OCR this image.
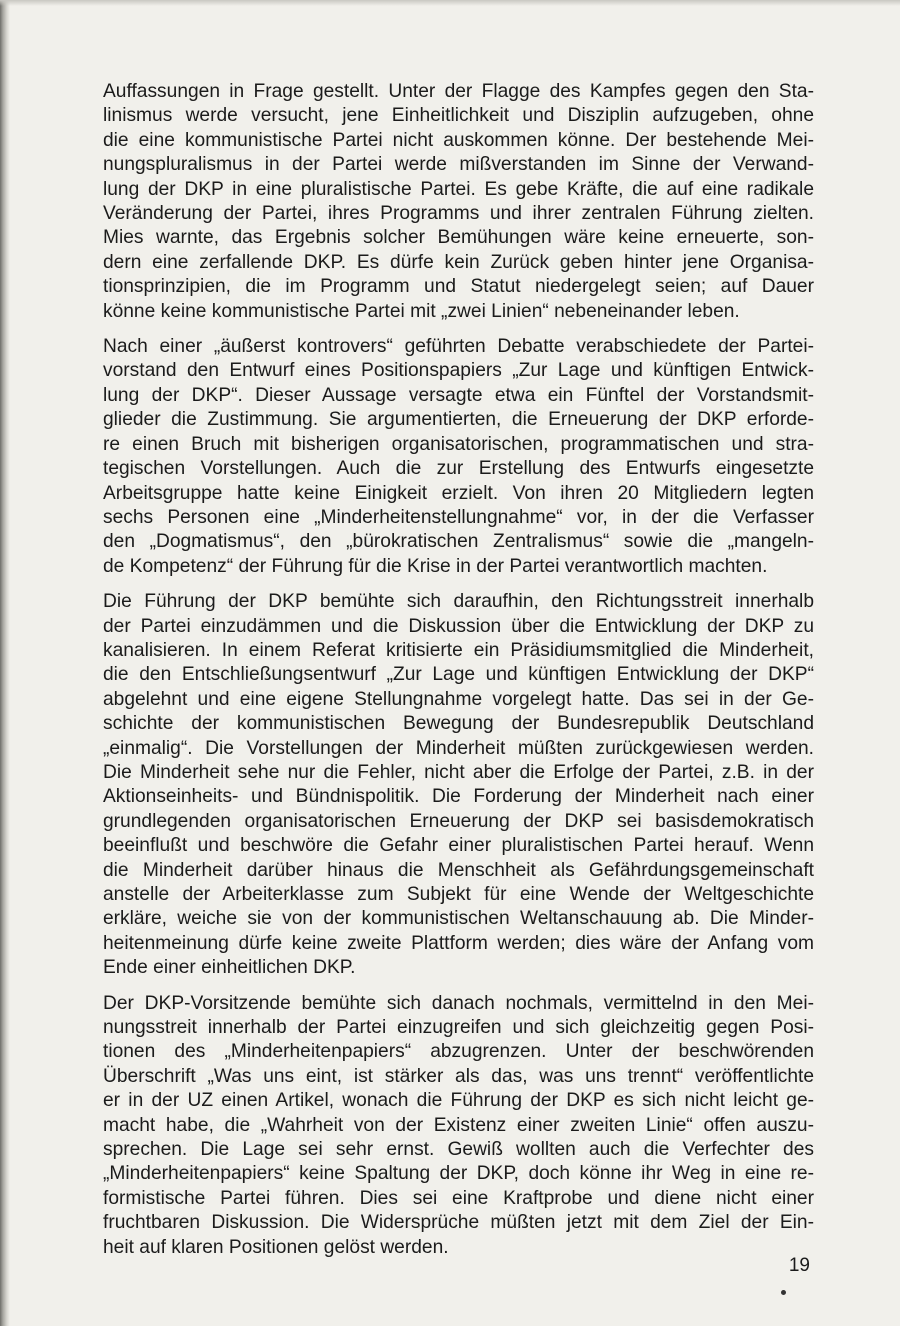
Auffassungen in Frage gestellt. Unter der Flagge des Kampfes gegen den Sta-
linismus werde versucht, jene Einheitlichkeit und Disziplin aufzugeben, ohne
die eine kommunistische Partei nicht auskommen könne. Der bestehende Mei-
nungspluralismus in der Partei werde mißverstanden im Sinne der Verwand-
lung der DKP in eine pluralistische Partei. Es gebe Kräfte, die auf eine radikale
Veränderung der Partei, ihres Programms und ihrer zentralen Führung zielten.
Mies warnte, das Ergebnis solcher Bemühungen wäre keine erneuerte, son-
dern eine zerfallende DKP. Es dürfe kein Zurück geben hinter jene Organisa-
tionsprinzipien, die im Programm und Statut niedergelegt seien; auf Dauer
könne keine kommunistische Partei mit „zwei Linien“ nebeneinander leben.

Nach einer „äußerst kontrovers“ geführten Debatte verabschiedete der Partei-
vorstand den Entwurf eines Positionspapiers „Zur Lage und künftigen Entwick-
lung der DKP“. Dieser Aussage versagte etwa ein Fünftel der Vorstandsmit-
glieder die Zustimmung. Sie argumentierten, die Erneuerung der DKP erforde-
re einen Bruch mit bisherigen organisatorischen, programmatischen und stra-
tegischen Vorstellungen. Auch die zur Erstellung des Entwurfs eingesetzte
Arbeitsgruppe hatte keine Einigkeit erzielt. Von ihren 20 Mitgliedern legten
sechs Personen eine „Minderheitenstellungnahme“ vor, in der die Verfasser
den „Dogmatismus“, den „bürokratischen Zentralismus“ sowie die „mangeln-
de Kompetenz“ der Führung für die Krise in der Partei verantwortlich machten.

Die Führung der DKP bemühte sich daraufhin, den Richtungsstreit innerhalb
der Partei einzudämmen und die Diskussion über die Entwicklung der DKP zu
kanalisieren. In einem Referat kritisierte ein Präsidiumsmitglied die Minderheit,
die den Entschließungsentwurf „Zur Lage und künftigen Entwicklung der DKP“
abgelehnt und eine eigene Stellungnahme vorgelegt hatte. Das sei in der Ge-
schichte der kommunistischen Bewegung der Bundesrepublik Deutschland
„einmalig“. Die Vorstellungen der Minderheit müßten zurückgewiesen werden.
Die Minderheit sehe nur die Fehler, nicht aber die Erfolge der Partei, z.B. in der
Aktionseinheits- und Bündnispolitik. Die Forderung der Minderheit nach einer
grundlegenden organisatorischen Erneuerung der DKP sei basisdemokratisch
beeinflußt und beschwöre die Gefahr einer pluralistischen Partei herauf. Wenn
die Minderheit darüber hinaus die Menschheit als Gefährdungsgemeinschaft
anstelle der Arbeiterklasse zum Subjekt für eine Wende der Weltgeschichte
erkläre, weiche sie von der kommunistischen Weltanschauung ab. Die Minder-
heitenmeinung dürfe keine zweite Plattform werden; dies wäre der Anfang vom
Ende einer einheitlichen DKP.

Der DKP-Vorsitzende bemühte sich danach nochmals, vermittelnd in den Mei-
nungsstreit innerhalb der Partei einzugreifen und sich gleichzeitig gegen Posi-
tionen des „Minderheitenpapiers“ abzugrenzen. Unter der beschwörenden
Überschrift „Was uns eint, ist stärker als das, was uns trennt“ veröffentlichte
er in der UZ einen Artikel, wonach die Führung der DKP es sich nicht leicht ge-
macht habe, die „Wahrheit von der Existenz einer zweiten Linie“ offen auszu-
sprechen. Die Lage sei sehr ernst. Gewiß wollten auch die Verfechter des
„Minderheitenpapiers“ keine Spaltung der DKP, doch könne ihr Weg in eine re-
formistische Partei führen. Dies sei eine Kraftprobe und diene nicht einer
fruchtbaren Diskussion. Die Widersprüche müßten jetzt mit dem Ziel der Ein-
heit auf klaren Positionen gelöst werden.

19
